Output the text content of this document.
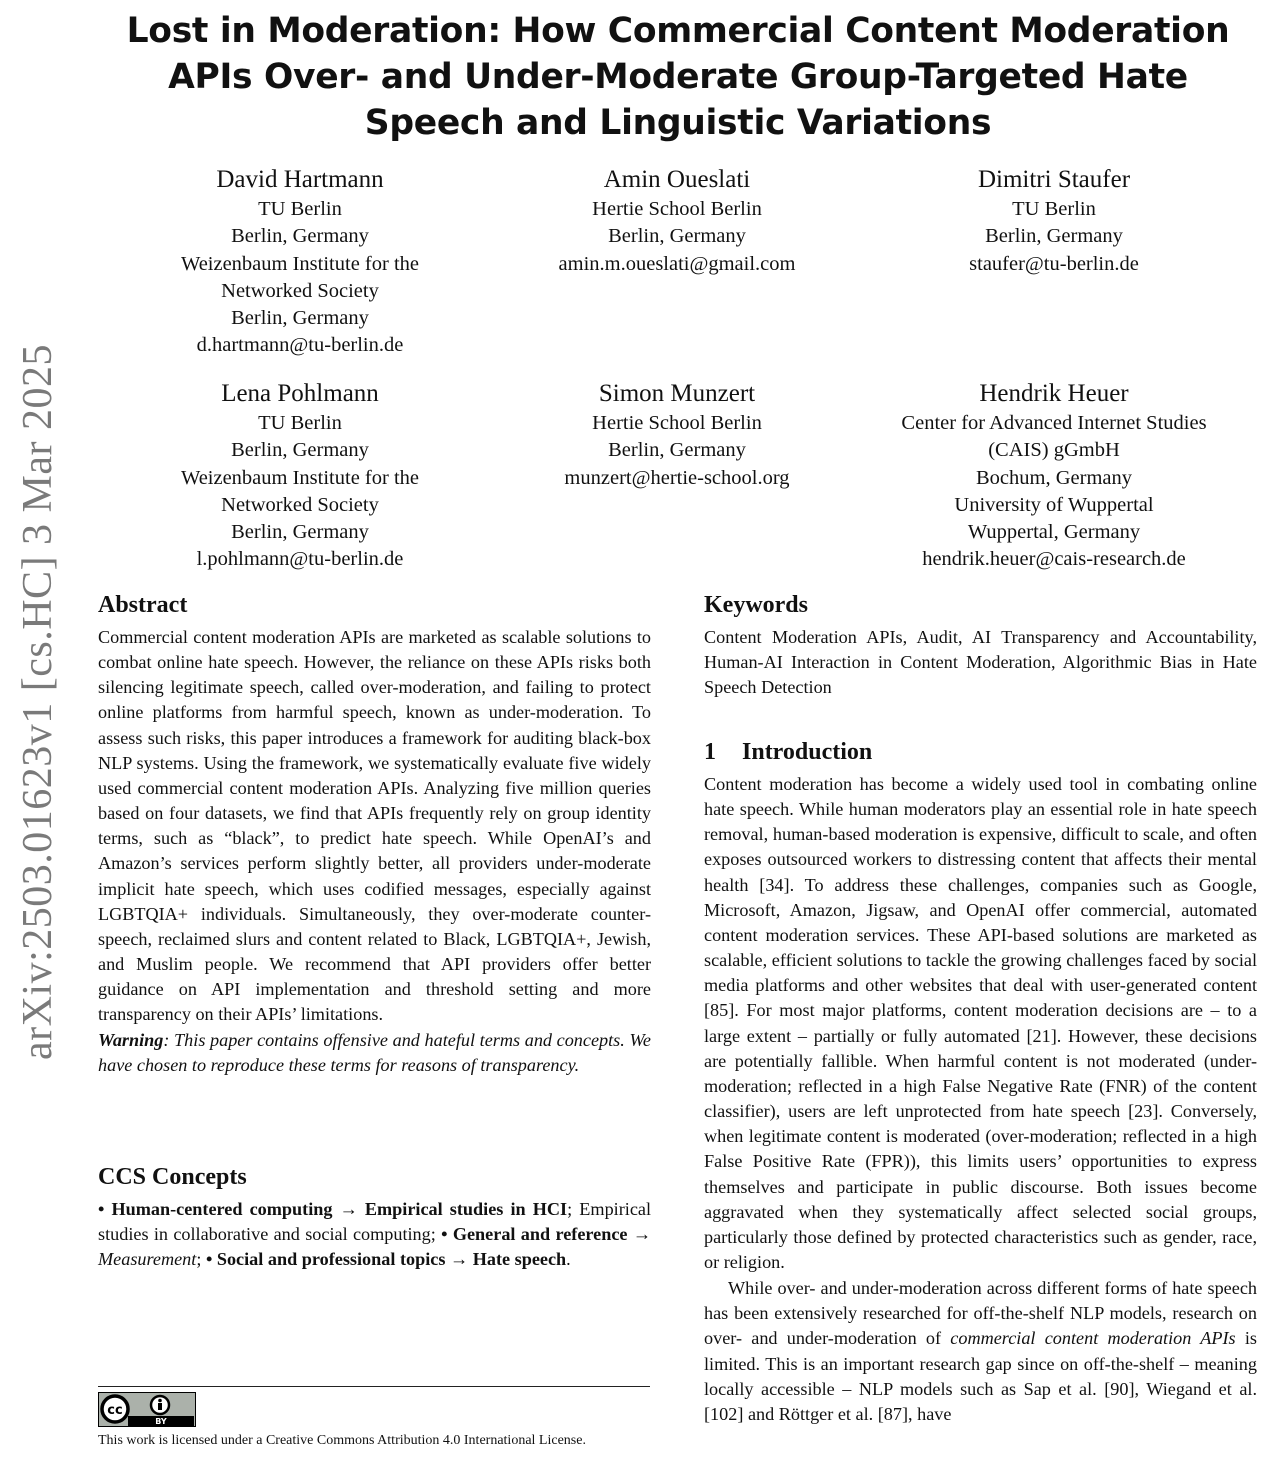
arXiv:2503.01623v1 [cs.HC] 3 Mar 2025
Lost in Moderation: How Commercial Content Moderation APIs Over- and Under-Moderate Group-Targeted Hate Speech and Linguistic Variations
David Hartmann
TU Berlin
Berlin, Germany
Weizenbaum Institute for the
Networked Society
Berlin, Germany
d.hartmann@tu-berlin.de
Amin Oueslati
Hertie School Berlin
Berlin, Germany
amin.m.oueslati@gmail.com
Dimitri Staufer
TU Berlin
Berlin, Germany
staufer@tu-berlin.de
Lena Pohlmann
TU Berlin
Berlin, Germany
Weizenbaum Institute for the
Networked Society
Berlin, Germany
l.pohlmann@tu-berlin.de
Simon Munzert
Hertie School Berlin
Berlin, Germany
munzert@hertie-school.org
Hendrik Heuer
Center for Advanced Internet Studies
(CAIS) gGmbH
Bochum, Germany
University of Wuppertal
Wuppertal, Germany
hendrik.heuer@cais-research.de
Abstract

Commercial content moderation APIs are marketed as scalable solutions to combat online hate speech. However, the reliance on these APIs risks both silencing legitimate speech, called over-moderation, and failing to protect online platforms from harmful speech, known as under-moderation. To assess such risks, this paper introduces a framework for auditing black-box NLP systems. Using the framework, we systematically evaluate five widely used commercial content moderation APIs. Analyzing five million queries based on four datasets, we find that APIs frequently rely on group identity terms, such as “black”, to predict hate speech. While OpenAI’s and Amazon’s services perform slightly better, all providers under-moderate implicit hate speech, which uses codified messages, especially against LGBTQIA+ individuals. Simultaneously, they over-moderate counter-speech, reclaimed slurs and content related to Black, LGBTQIA+, Jewish, and Muslim people. We recommend that API providers offer better guidance on API implementation and threshold setting and more transparency on their APIs’ limitations.

Warning: This paper contains offensive and hateful terms and concepts. We have chosen to reproduce these terms for reasons of transparency.

CCS Concepts

• Human-centered computing → Empirical studies in HCI; Empirical studies in collaborative and social computing; • General and reference → Measurement; • Social and professional topics → Hate speech.

cc
BY
This work is licensed under a Creative Commons Attribution 4.0 International License.
Keywords

Content Moderation APIs, Audit, AI Transparency and Accountability, Human-AI Interaction in Content Moderation, Algorithmic Bias in Hate Speech Detection

1 Introduction

Content moderation has become a widely used tool in combating online hate speech. While human moderators play an essential role in hate speech removal, human-based moderation is expensive, difficult to scale, and often exposes outsourced workers to distressing content that affects their mental health [34]. To address these challenges, companies such as Google, Microsoft, Amazon, Jigsaw, and OpenAI offer commercial, automated content moderation services. These API-based solutions are marketed as scalable, efficient solutions to tackle the growing challenges faced by social media platforms and other websites that deal with user-generated content [85]. For most major platforms, content moderation decisions are – to a large extent – partially or fully automated [21]. However, these decisions are potentially fallible. When harmful content is not moderated (under-moderation; reflected in a high False Negative Rate (FNR) of the content classifier), users are left unprotected from hate speech [23]. Conversely, when legitimate content is moderated (over-moderation; reflected in a high False Positive Rate (FPR)), this limits users’ opportunities to express themselves and participate in public discourse. Both issues become aggravated when they systematically affect selected social groups, particularly those defined by protected characteristics such as gender, race, or religion.

While over- and under-moderation across different forms of hate speech has been extensively researched for off-the-shelf NLP models, research on over- and under-moderation of commercial content moderation APIs is limited. This is an important research gap since on off-the-shelf – meaning locally accessible – NLP models such as Sap et al. [90], Wiegand et al. [102] and Röttger et al. [87], have
